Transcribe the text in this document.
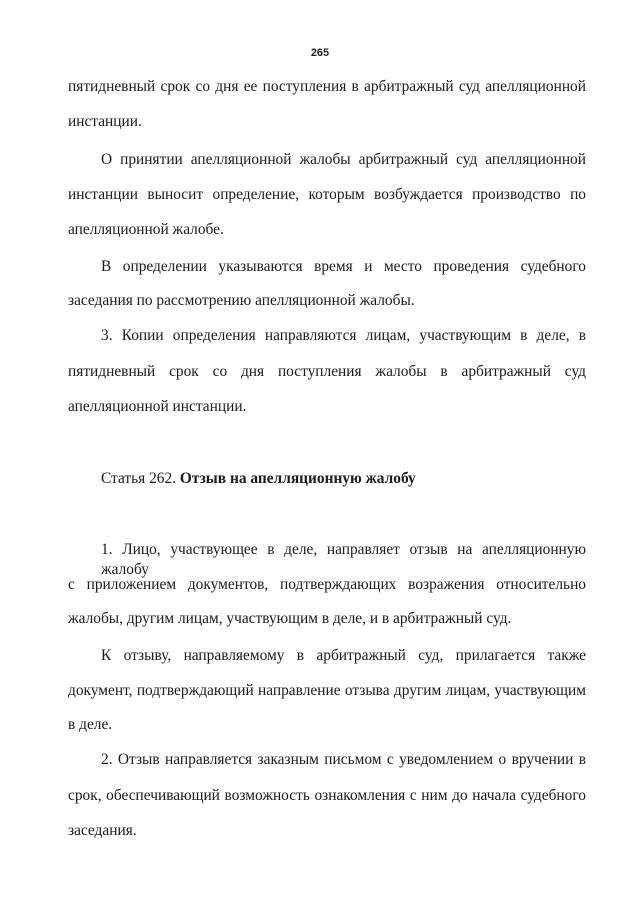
265
пятидневный срок со дня ее поступления в арбитражный суд апелляционной
инстанции.
О принятии апелляционной жалобы арбитражный суд апелляционной
инстанции выносит определение, которым возбуждается производство по
апелляционной жалобе.
В определении указываются время и место проведения судебного
заседания по рассмотрению апелляционной жалобы.
3. Копии определения направляются лицам, участвующим в деле, в
пятидневный срок со дня поступления жалобы в арбитражный суд
апелляционной инстанции.
Статья 262. Отзыв на апелляционную жалобу
1. Лицо, участвующее в деле, направляет отзыв на апелляционную жалобу
с приложением документов, подтверждающих возражения относительно
жалобы, другим лицам, участвующим в деле, и в арбитражный суд.
К отзыву, направляемому в арбитражный суд, прилагается также
документ, подтверждающий направление отзыва другим лицам, участвующим
в деле.
2. Отзыв направляется заказным письмом с уведомлением о вручении в
срок, обеспечивающий возможность ознакомления с ним до начала судебного
заседания.
